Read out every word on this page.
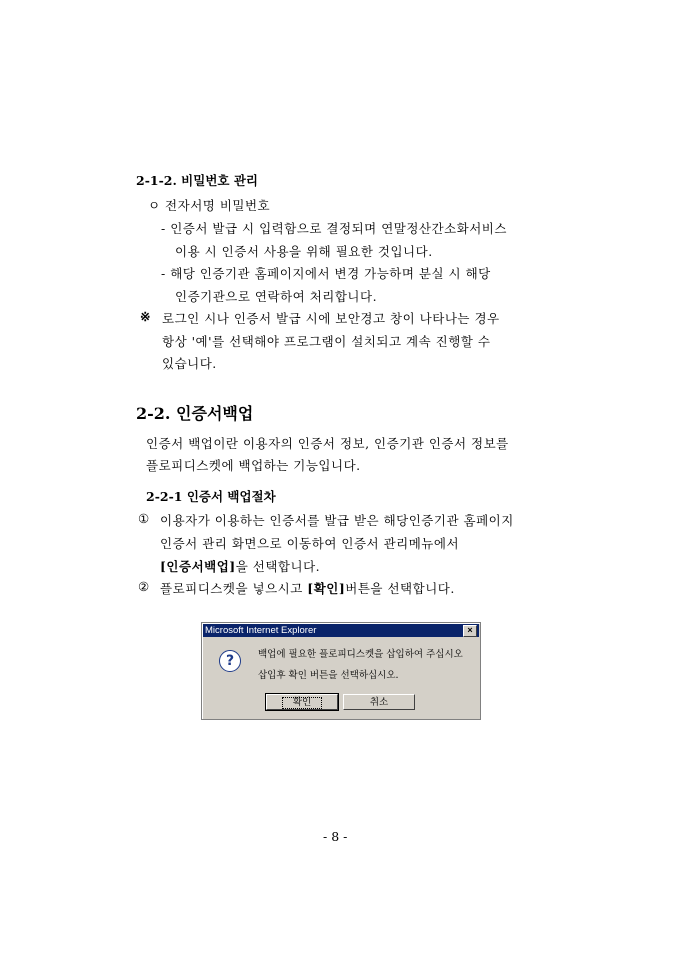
2-1-2. 비밀번호 관리
ㅇ 전자서명 비밀번호
- 인증서 발급 시 입력함으로 결정되며 연말정산간소화서비스
이용 시 인증서 사용을 위해 필요한 것입니다.
- 해당 인증기관 홈페이지에서 변경 가능하며 분실 시 해당
인증기관으로 연락하여 처리합니다.
※ 로그인 시나 인증서 발급 시에 보안경고 창이 나타나는 경우
항상 '예'를 선택해야 프로그램이 설치되고 계속 진행할 수
있습니다.
2-2. 인증서백업
인증서 백업이란 이용자의 인증서 정보, 인증기관 인증서 정보를
플로피디스켓에 백업하는 기능입니다.
2-2-1 인증서 백업절차
① 이용자가 이용하는 인증서를 발급 받은 해당인증기관 홈페이지
인증서 관리 화면으로 이동하여 인증서 관리메뉴에서
[인증서백업]을 선택합니다.
② 플로피디스켓을 넣으시고 [확인]버튼을 선택합니다.
Microsoft Internet Explorer	×
?	백업에 필요한 플로피디스켓을 삽입하여 주십시오
삽입후 확인 버튼을 선택하십시오.
확인	취소
- 8 -
